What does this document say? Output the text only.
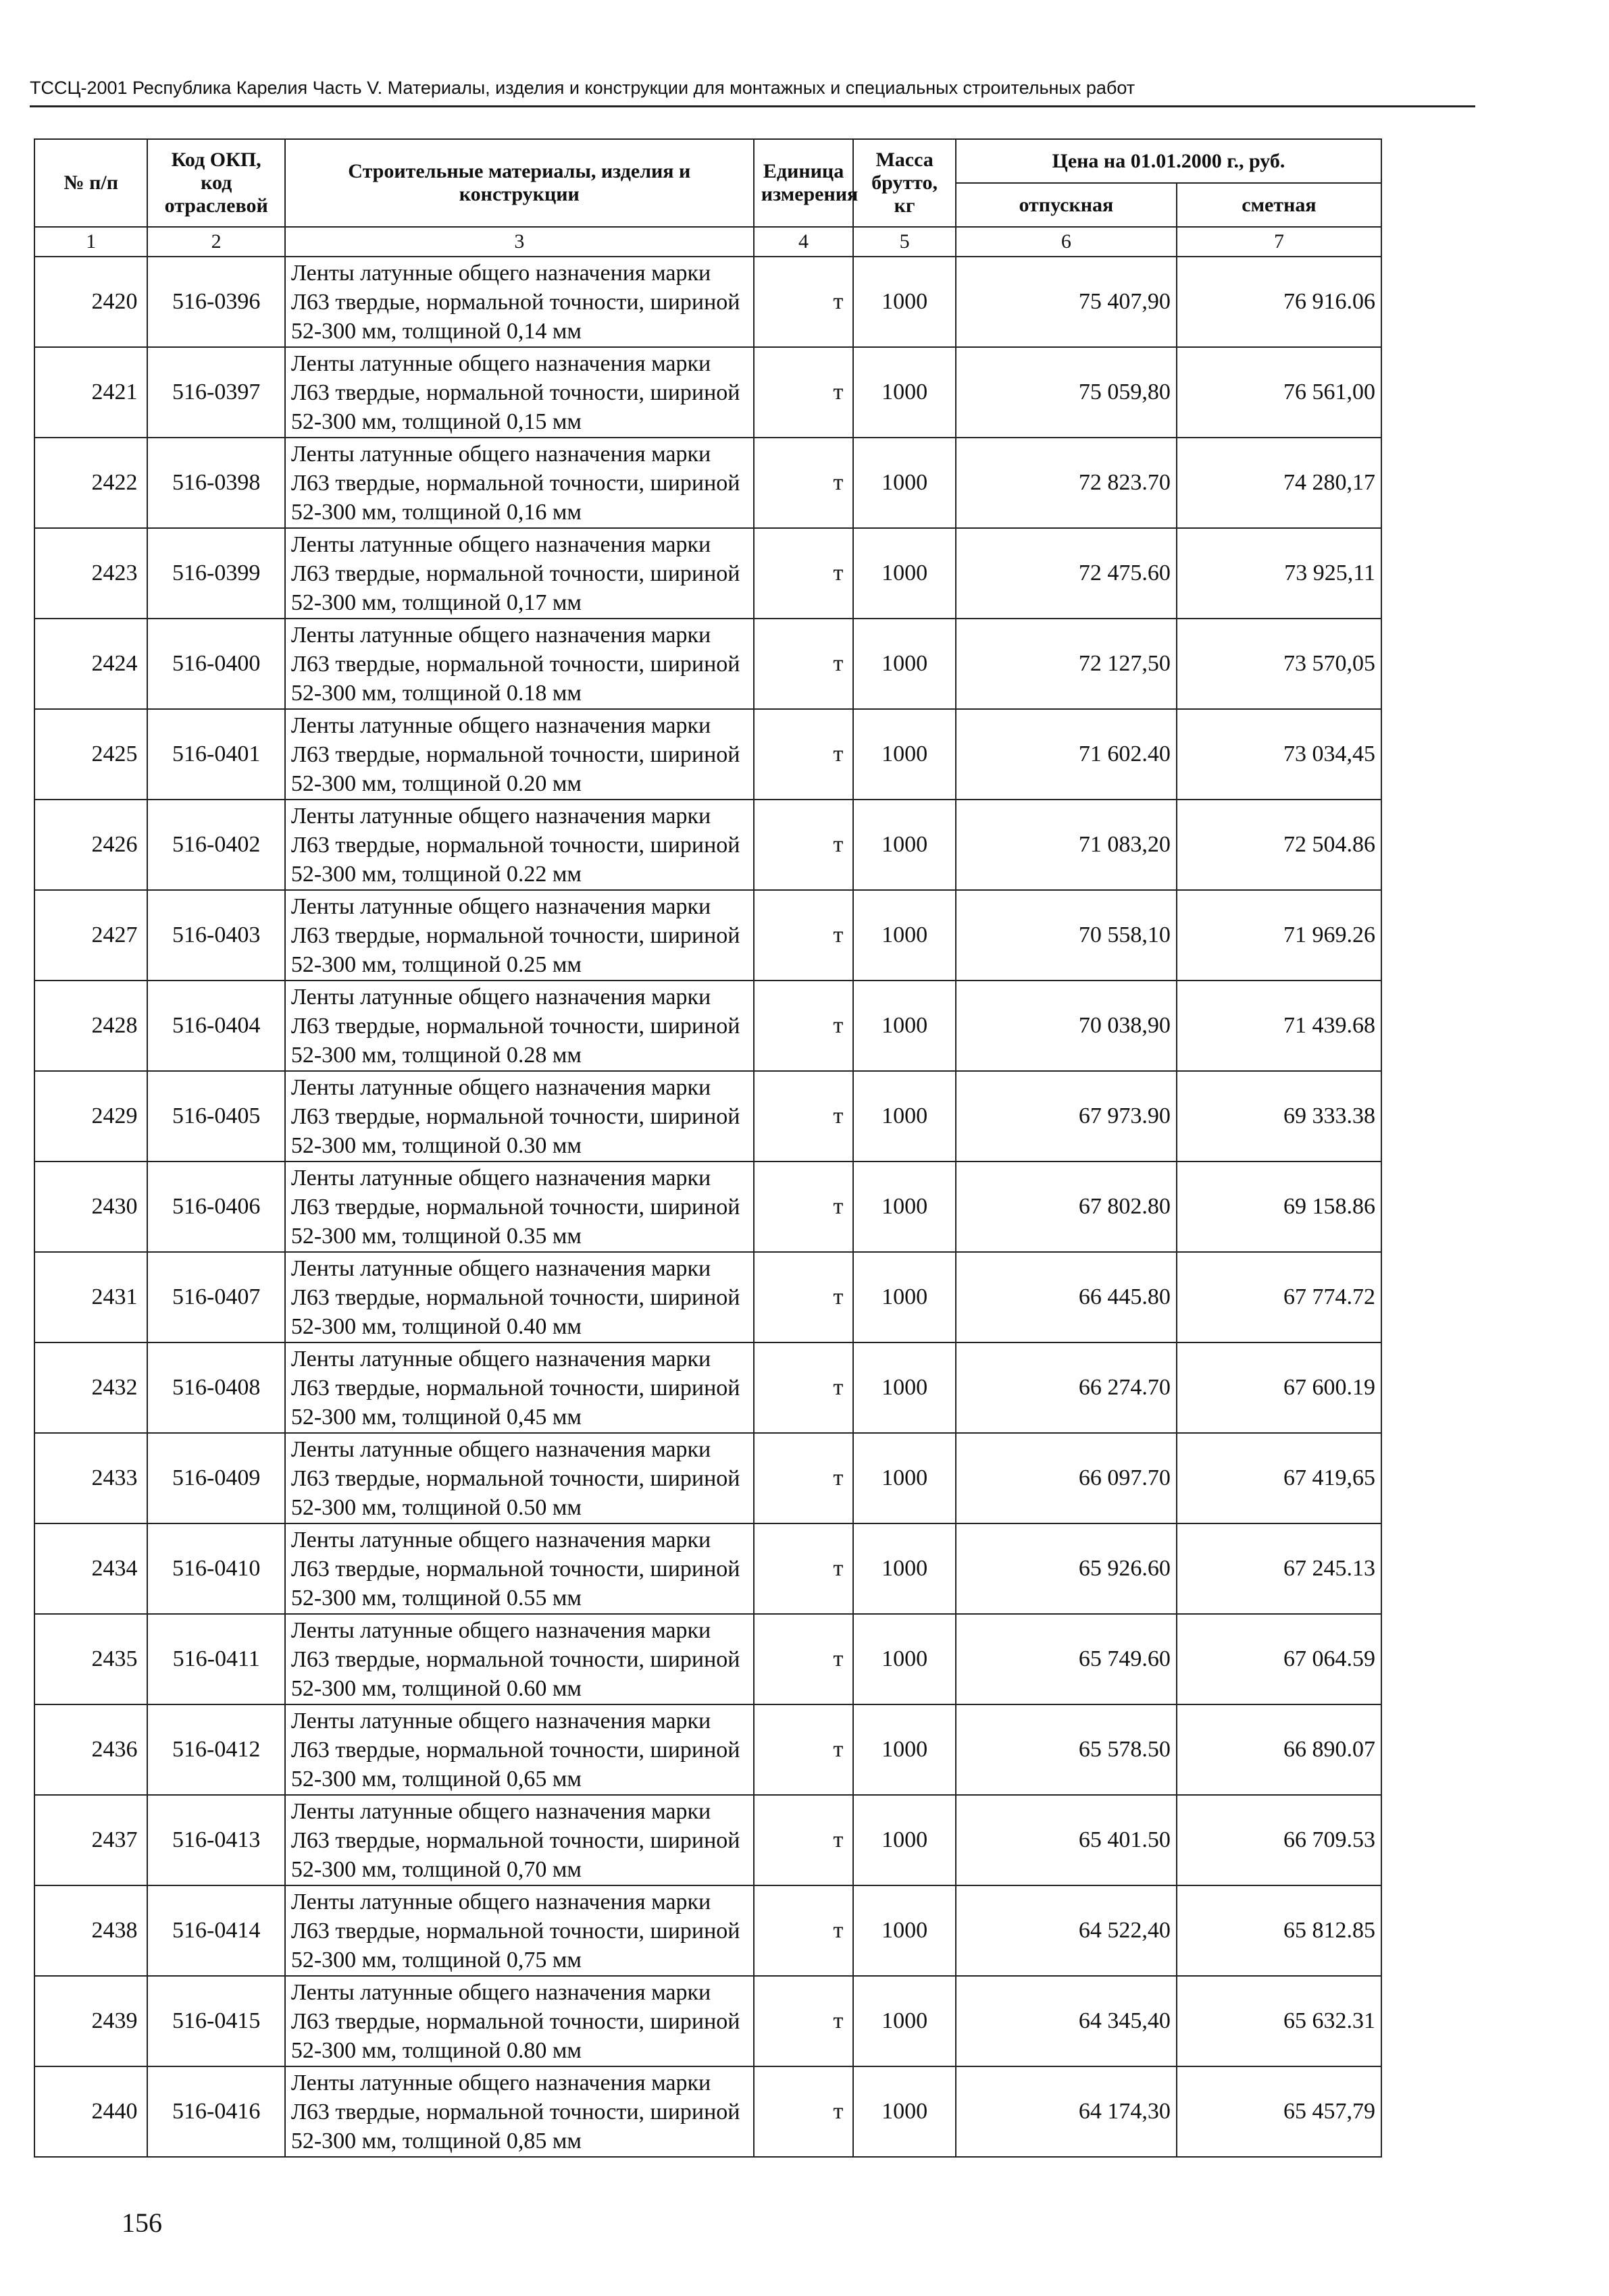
ТССЦ-2001 Республика Карелия Часть V. Материалы, изделия и конструкции для монтажных и специальных строительных работ
№ п/п	Код ОКП, код отраслевой	Строительные материалы, изделия и конструкции	Единица измерения	Масса брутто, кг	Цена на 01.01.2000 г., руб.	
					отпускная	сметная
1	2	3	4	5	6	7
2420	516-0396	Ленты латунные общего назначения марки Л63 твердые, нормальной точности, шириной 52-300 мм, толщиной 0,14 мм	т	1000	75 407,90	76 916.06
2421	516-0397	Ленты латунные общего назначения марки Л63 твердые, нормальной точности, шириной 52-300 мм, толщиной 0,15 мм	т	1000	75 059,80	76 561,00
2422	516-0398	Ленты латунные общего назначения марки Л63 твердые, нормальной точности, шириной 52-300 мм, толщиной 0,16 мм	т	1000	72 823.70	74 280,17
2423	516-0399	Ленты латунные общего назначения марки Л63 твердые, нормальной точности, шириной 52-300 мм, толщиной 0,17 мм	т	1000	72 475.60	73 925,11
2424	516-0400	Ленты латунные общего назначения марки Л63 твердые, нормальной точности, шириной 52-300 мм, толщиной 0.18 мм	т	1000	72 127,50	73 570,05
2425	516-0401	Ленты латунные общего назначения марки Л63 твердые, нормальной точности, шириной 52-300 мм, толщиной 0.20 мм	т	1000	71 602.40	73 034,45
2426	516-0402	Ленты латунные общего назначения марки Л63 твердые, нормальной точности, шириной 52-300 мм, толщиной 0.22 мм	т	1000	71 083,20	72 504.86
2427	516-0403	Ленты латунные общего назначения марки Л63 твердые, нормальной точности, шириной 52-300 мм, толщиной 0.25 мм	т	1000	70 558,10	71 969.26
2428	516-0404	Ленты латунные общего назначения марки Л63 твердые, нормальной точности, шириной 52-300 мм, толщиной 0.28 мм	т	1000	70 038,90	71 439.68
2429	516-0405	Ленты латунные общего назначения марки Л63 твердые, нормальной точности, шириной 52-300 мм, толщиной 0.30 мм	т	1000	67 973.90	69 333.38
2430	516-0406	Ленты латунные общего назначения марки Л63 твердые, нормальной точности, шириной 52-300 мм, толщиной 0.35 мм	т	1000	67 802.80	69 158.86
2431	516-0407	Ленты латунные общего назначения марки Л63 твердые, нормальной точности, шириной 52-300 мм, толщиной 0.40 мм	т	1000	66 445.80	67 774.72
2432	516-0408	Ленты латунные общего назначения марки Л63 твердые, нормальной точности, шириной 52-300 мм, толщиной 0,45 мм	т	1000	66 274.70	67 600.19
2433	516-0409	Ленты латунные общего назначения марки Л63 твердые, нормальной точности, шириной 52-300 мм, толщиной 0.50 мм	т	1000	66 097.70	67 419,65
2434	516-0410	Ленты латунные общего назначения марки Л63 твердые, нормальной точности, шириной 52-300 мм, толщиной 0.55 мм	т	1000	65 926.60	67 245.13
2435	516-0411	Ленты латунные общего назначения марки Л63 твердые, нормальной точности, шириной 52-300 мм, толщиной 0.60 мм	т	1000	65 749.60	67 064.59
2436	516-0412	Ленты латунные общего назначения марки Л63 твердые, нормальной точности, шириной 52-300 мм, толщиной 0,65 мм	т	1000	65 578.50	66 890.07
2437	516-0413	Ленты латунные общего назначения марки Л63 твердые, нормальной точности, шириной 52-300 мм, толщиной 0,70 мм	т	1000	65 401.50	66 709.53
2438	516-0414	Ленты латунные общего назначения марки Л63 твердые, нормальной точности, шириной 52-300 мм, толщиной 0,75 мм	т	1000	64 522,40	65 812.85
2439	516-0415	Ленты латунные общего назначения марки Л63 твердые, нормальной точности, шириной 52-300 мм, толщиной 0.80 мм	т	1000	64 345,40	65 632.31
2440	516-0416	Ленты латунные общего назначения марки Л63 твердые, нормальной точности, шириной 52-300 мм, толщиной 0,85 мм	т	1000	64 174,30	65 457,79
156
